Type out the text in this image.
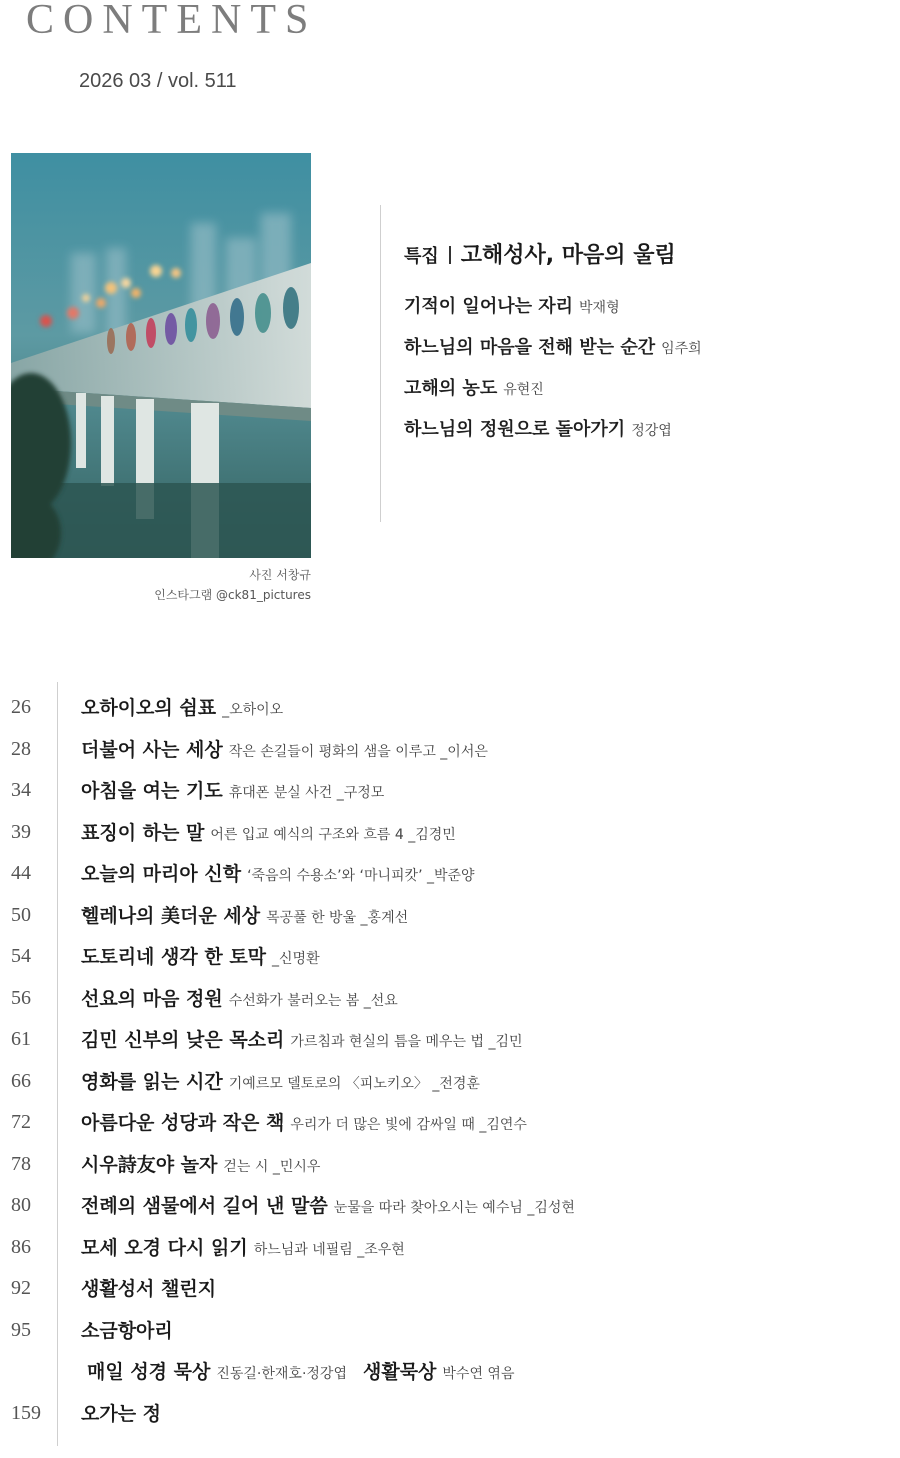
CONTENTS
2026 03 / vol. 511
사진 서창규
인스타그램 @ck81_pictures
특집 고해성사, 마음의 울림
기적이 일어나는 자리 박재형
하느님의 마음을 전해 받는 순간 임주희
고해의 농도 유현진
하느님의 정원으로 돌아가기 정강엽
26	오하이오의 쉼표 _오하이오
28	더불어 사는 세상 작은 손길들이 평화의 샘을 이루고 _이서은
34	아침을 여는 기도 휴대폰 분실 사건 _구정모
39	표징이 하는 말 어른 입교 예식의 구조와 흐름 4 _김경민
44	오늘의 마리아 신학 ‘죽음의 수용소’와 ‘마니피캇’ _박준양
50	헬레나의 美더운 세상 목공풀 한 방울 _홍계선
54	도토리네 생각 한 토막 _신명환
56	선요의 마음 정원 수선화가 불러오는 봄 _선요
61	김민 신부의 낮은 목소리 가르침과 현실의 틈을 메우는 법 _김민
66	영화를 읽는 시간 기예르모 델토로의 〈피노키오〉 _전경훈
72	아름다운 성당과 작은 책 우리가 더 많은 빛에 감싸일 때 _김연수
78	시우詩友야 놀자 걷는 시 _민시우
80	전례의 샘물에서 길어 낸 말씀 눈물을 따라 찾아오시는 예수님 _김성현
86	모세 오경 다시 읽기 하느님과 네필림 _조우현
92	생활성서 챌린지
95	소금항아리
매일 성경 묵상 진동길·한재호·정강엽 생활묵상 박수연 엮음
159 오가는 정
